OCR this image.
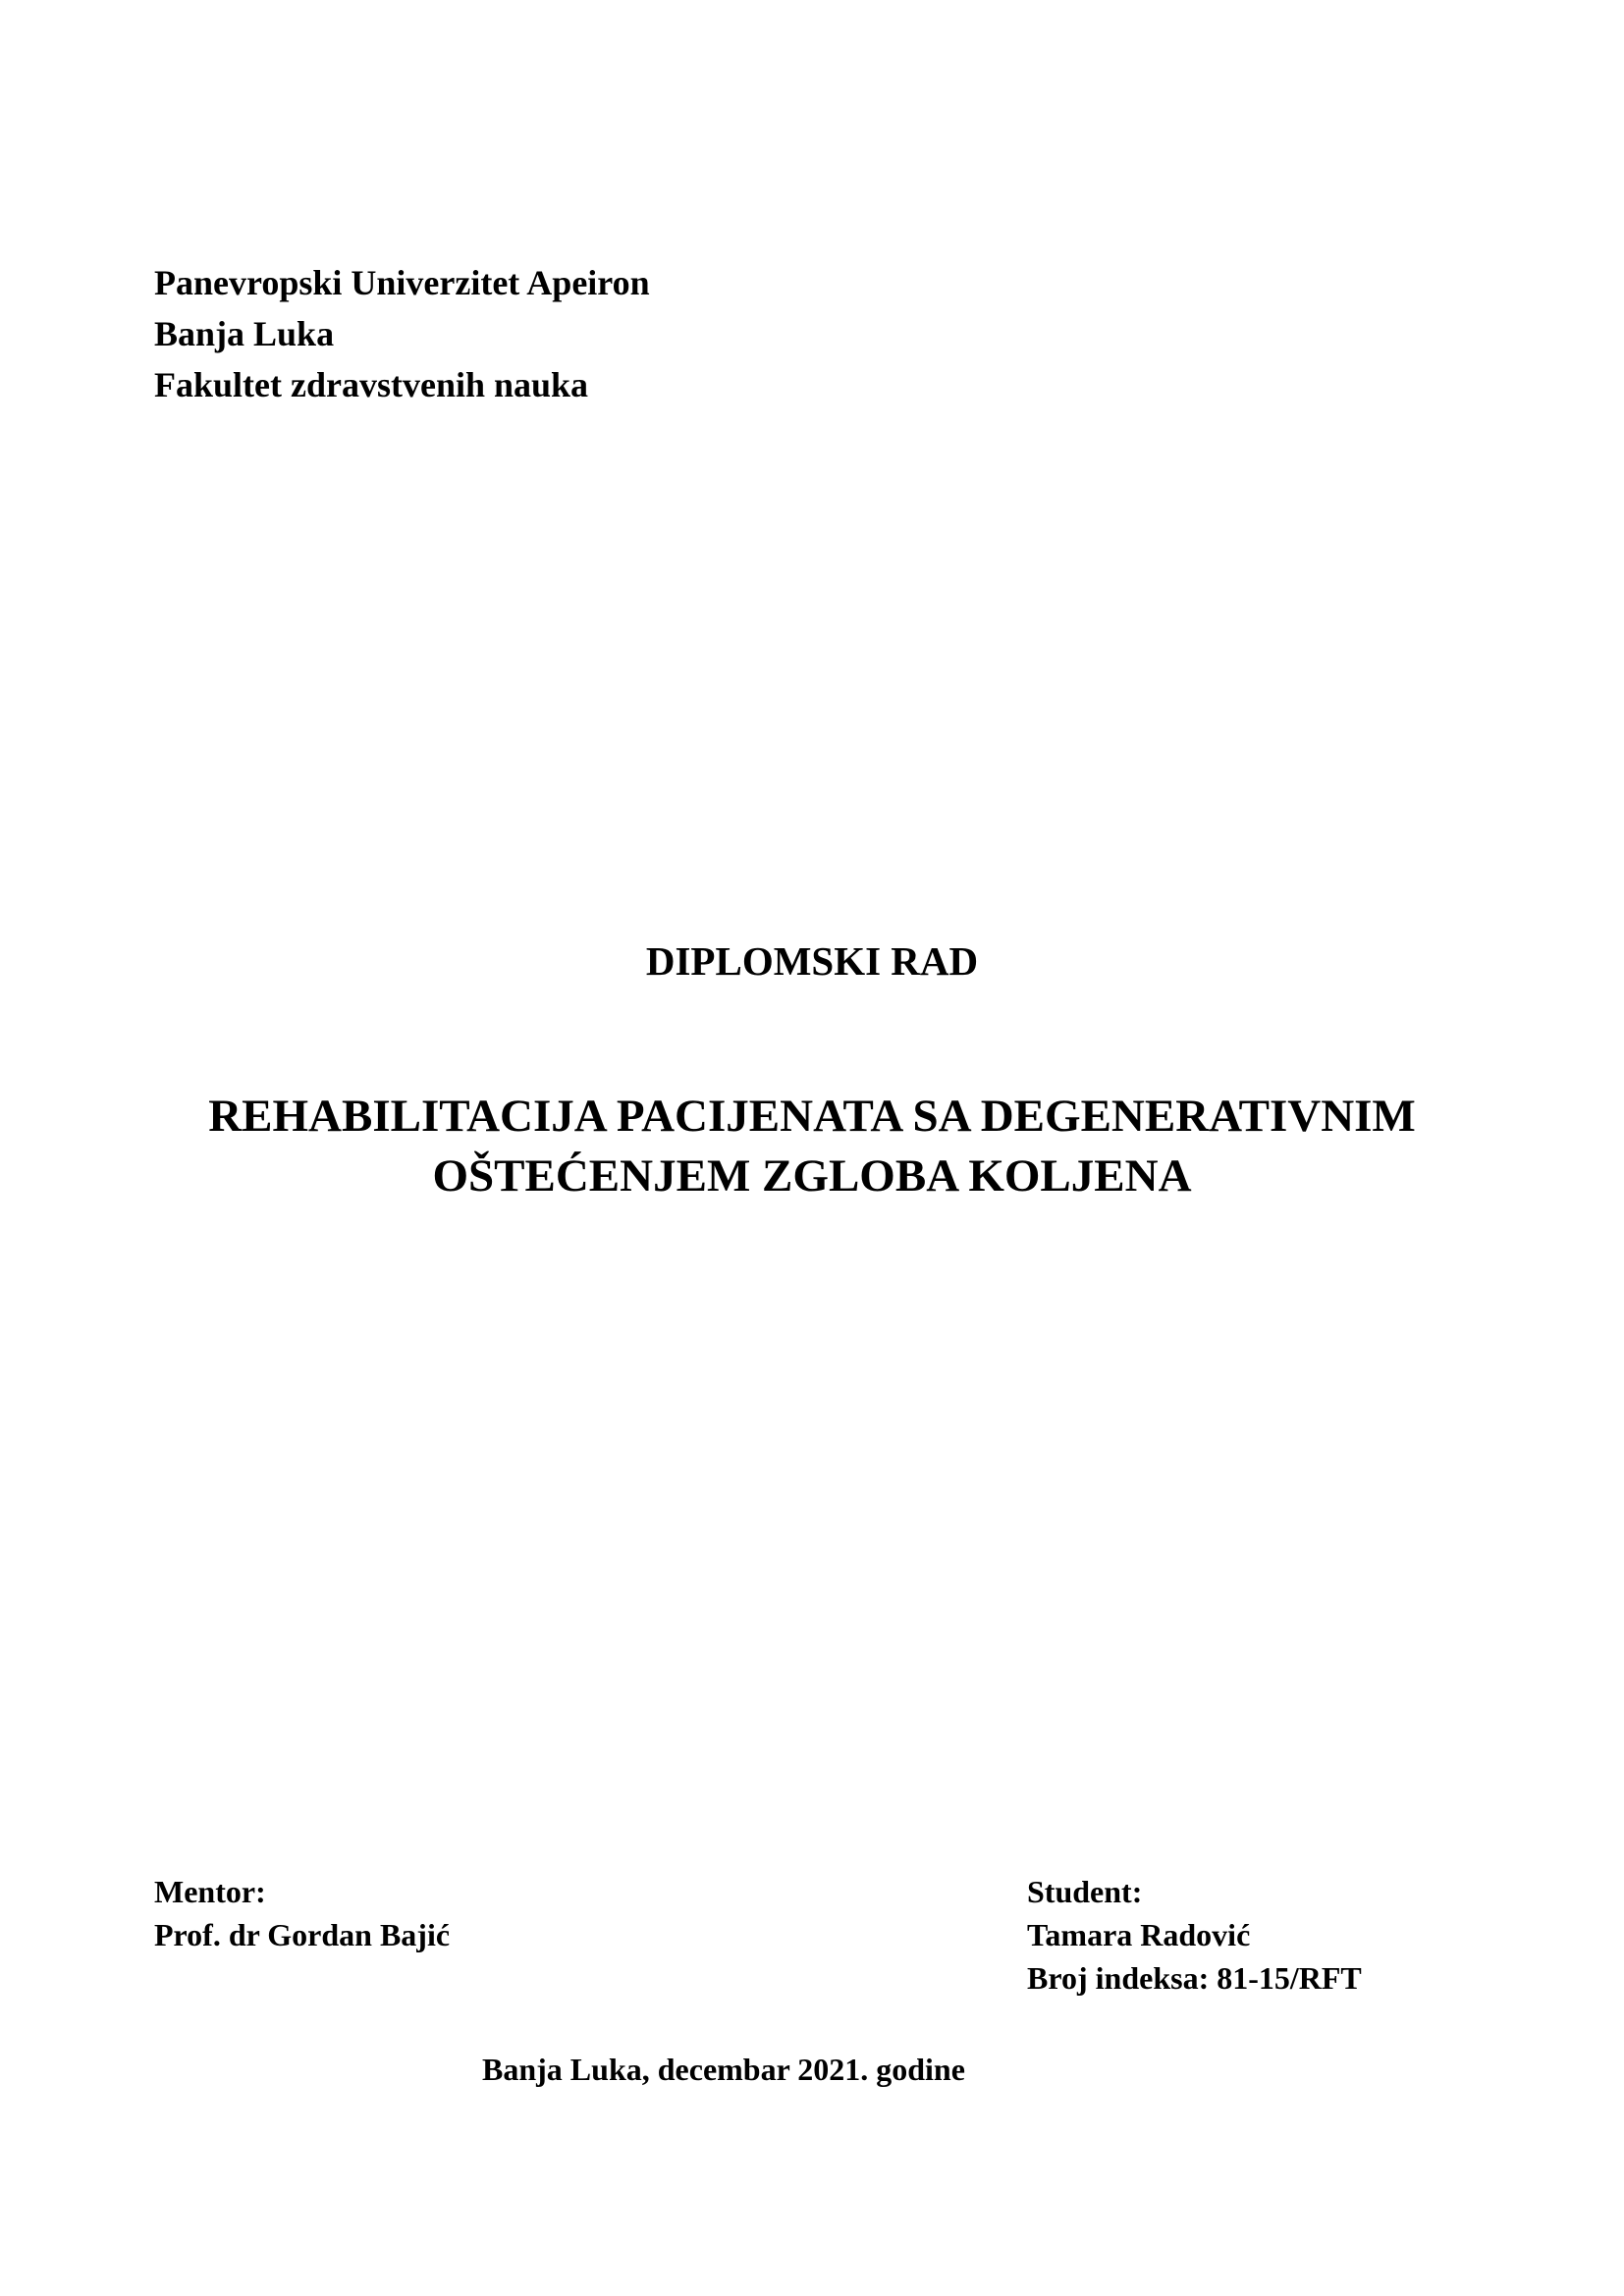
Panevropski Univerzitet Apeiron
Banja Luka
Fakultet zdravstvenih nauka
DIPLOMSKI RAD
REHABILITACIJA PACIJENATA SA DEGENERATIVNIM
OŠTEĆENJEM ZGLOBA KOLJENA
Mentor:
Prof. dr Gordan Bajić
Student:
Tamara Radović
Broj indeksa: 81-15/RFT
Banja Luka, decembar 2021. godine
